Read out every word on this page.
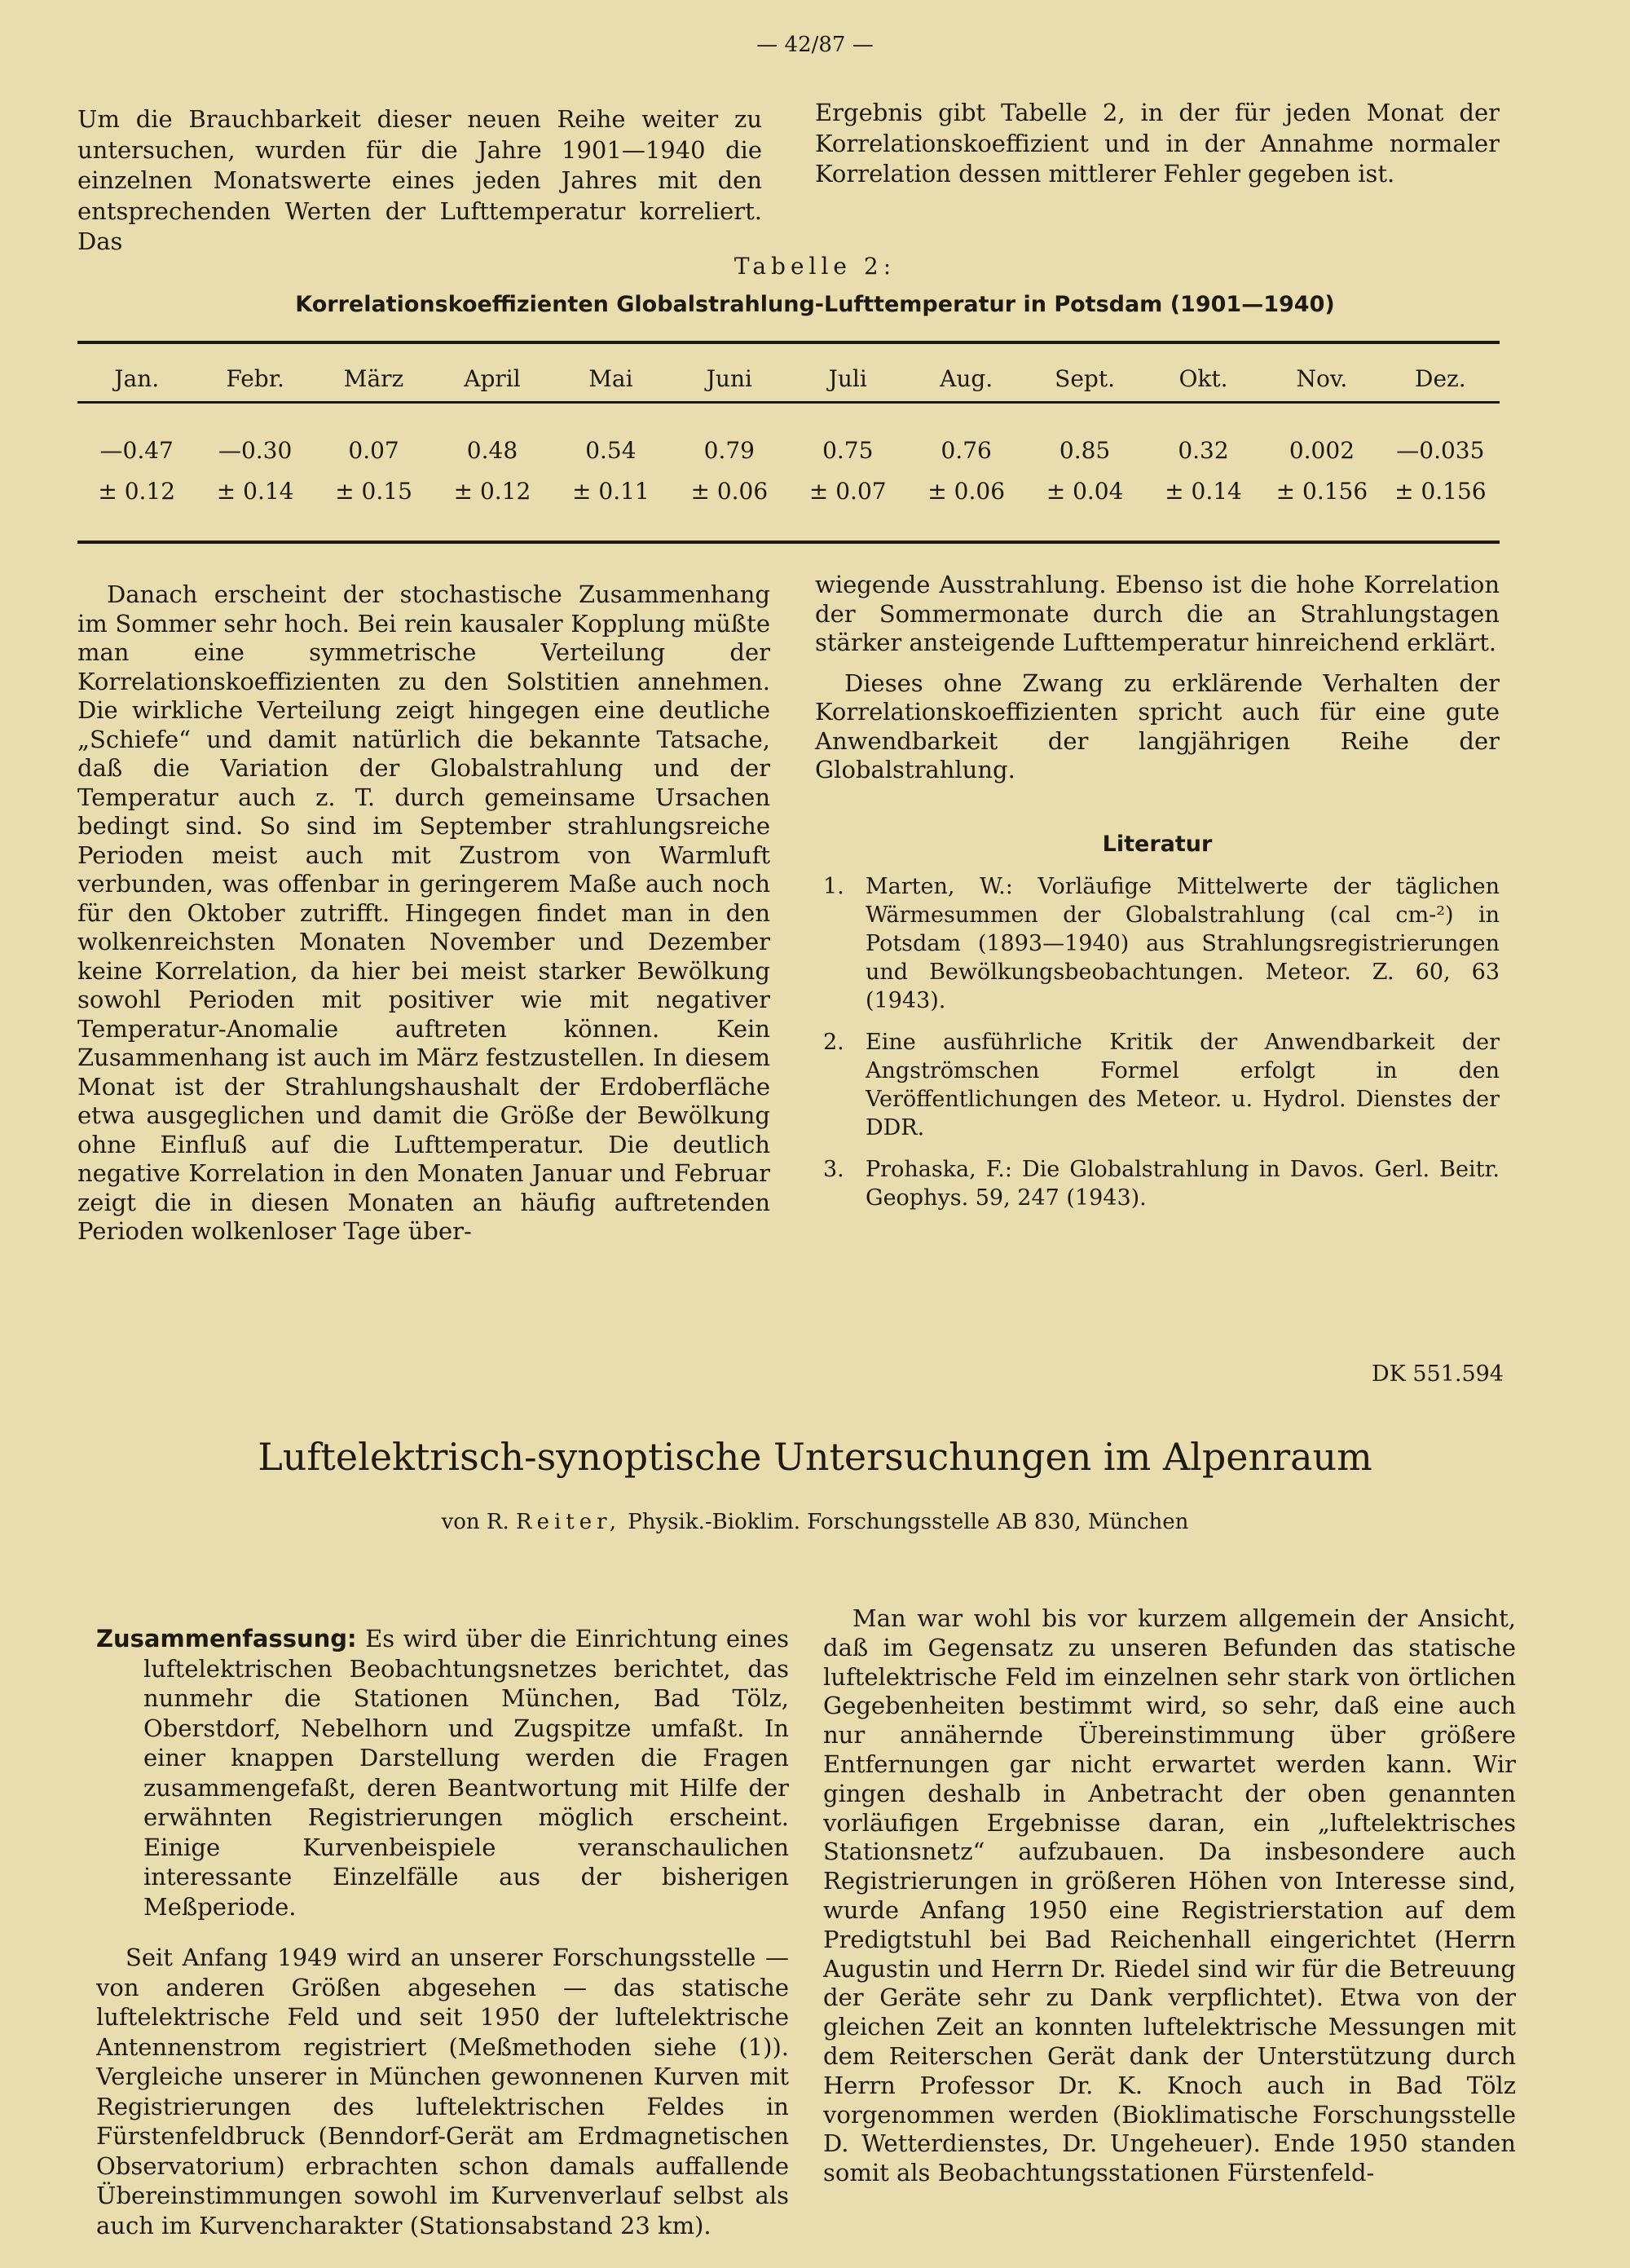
— 42/87 —

Um die Brauchbarkeit dieser neuen Reihe weiter zu untersuchen, wurden für die Jahre 1901—1940 die einzelnen Monatswerte eines jeden Jahres mit den entsprechenden Werten der Lufttemperatur korreliert. Das

Ergebnis gibt Tabelle 2, in der für jeden Monat der Korrelationskoeffizient und in der Annahme normaler Korrelation dessen mittlerer Fehler gegeben ist.

Tabelle 2:
Korrelationskoeffizienten Globalstrahlung-Lufttemperatur in Potsdam (1901—1940)
Jan.	Febr.	März	April	Mai	Juni	Juli	Aug.	Sept.	Okt.	Nov.	Dez.
—0.47	—0.30	0.07	0.48	0.54	0.79	0.75	0.76	0.85	0.32	0.002	—0.035
± 0.12	± 0.14	± 0.15	± 0.12	± 0.11	± 0.06	± 0.07	± 0.06	± 0.04	± 0.14	± 0.156	± 0.156

Danach erscheint der stochastische Zusammenhang im Sommer sehr hoch. Bei rein kausaler Kopplung müßte man eine symmetrische Verteilung der Korrelationskoeffizienten zu den Solstitien annehmen. Die wirkliche Verteilung zeigt hingegen eine deutliche „Schiefe“ und damit natürlich die bekannte Tatsache, daß die Variation der Globalstrahlung und der Temperatur auch z. T. durch gemeinsame Ursachen bedingt sind. So sind im September strahlungsreiche Perioden meist auch mit Zustrom von Warmluft verbunden, was offenbar in geringerem Maße auch noch für den Oktober zutrifft. Hingegen findet man in den wolkenreichsten Monaten November und Dezember keine Korrelation, da hier bei meist starker Bewölkung sowohl Perioden mit positiver wie mit negativer Temperatur-Anomalie auftreten können. Kein Zusammenhang ist auch im März festzustellen. In diesem Monat ist der Strahlungshaushalt der Erdoberfläche etwa ausgeglichen und damit die Größe der Bewölkung ohne Einfluß auf die Lufttemperatur. Die deutlich negative Korrelation in den Monaten Januar und Februar zeigt die in diesen Monaten an häufig auftretenden Perioden wolkenloser Tage über-

wiegende Ausstrahlung. Ebenso ist die hohe Korrelation der Sommermonate durch die an Strahlungstagen stärker ansteigende Lufttemperatur hinreichend erklärt.

Dieses ohne Zwang zu erklärende Verhalten der Korrelationskoeffizienten spricht auch für eine gute Anwendbarkeit der langjährigen Reihe der Globalstrahlung.

Literatur
1. Marten, W.: Vorläufige Mittelwerte der täglichen Wärmesummen der Globalstrahlung (cal cm-²) in Potsdam (1893—1940) aus Strahlungsregistrierungen und Bewölkungsbeobachtungen. Meteor. Z. 60, 63 (1943).
2. Eine ausführliche Kritik der Anwendbarkeit der Angströmschen Formel erfolgt in den Veröffentlichungen des Meteor. u. Hydrol. Dienstes der DDR.
3. Prohaska, F.: Die Globalstrahlung in Davos. Gerl. Beitr. Geophys. 59, 247 (1943).
DK 551.594
Luftelektrisch-synoptische Untersuchungen im Alpenraum
von R. Reiter, Physik.-Bioklim. Forschungsstelle AB 830, München

Zusammenfassung: Es wird über die Einrichtung eines luftelektrischen Beobachtungsnetzes berichtet, das nunmehr die Stationen München, Bad Tölz, Oberstdorf, Nebelhorn und Zugspitze umfaßt. In einer knappen Darstellung werden die Fragen zusammengefaßt, deren Beantwortung mit Hilfe der erwähnten Registrierungen möglich erscheint. Einige Kurvenbeispiele veranschaulichen interessante Einzelfälle aus der bisherigen Meßperiode.

Seit Anfang 1949 wird an unserer Forschungsstelle — von anderen Größen abgesehen — das statische luftelektrische Feld und seit 1950 der luftelektrische Antennenstrom registriert (Meßmethoden siehe (1)). Vergleiche unserer in München gewonnenen Kurven mit Registrierungen des luftelektrischen Feldes in Fürstenfeldbruck (Benndorf-Gerät am Erdmagnetischen Observatorium) erbrachten schon damals auffallende Übereinstimmungen sowohl im Kurvenverlauf selbst als auch im Kurvencharakter (Stationsabstand 23 km).

Man war wohl bis vor kurzem allgemein der Ansicht, daß im Gegensatz zu unseren Befunden das statische luftelektrische Feld im einzelnen sehr stark von örtlichen Gegebenheiten bestimmt wird, so sehr, daß eine auch nur annähernde Übereinstimmung über größere Entfernungen gar nicht erwartet werden kann. Wir gingen deshalb in Anbetracht der oben genannten vorläufigen Ergebnisse daran, ein „luftelektrisches Stationsnetz“ aufzubauen. Da insbesondere auch Registrierungen in größeren Höhen von Interesse sind, wurde Anfang 1950 eine Registrierstation auf dem Predigtstuhl bei Bad Reichenhall eingerichtet (Herrn Augustin und Herrn Dr. Riedel sind wir für die Betreuung der Geräte sehr zu Dank verpflichtet). Etwa von der gleichen Zeit an konnten luftelektrische Messungen mit dem Reiterschen Gerät dank der Unterstützung durch Herrn Professor Dr. K. Knoch auch in Bad Tölz vorgenommen werden (Bioklimatische Forschungsstelle D. Wetterdienstes, Dr. Ungeheuer). Ende 1950 standen somit als Beobachtungsstationen Fürstenfeld-
